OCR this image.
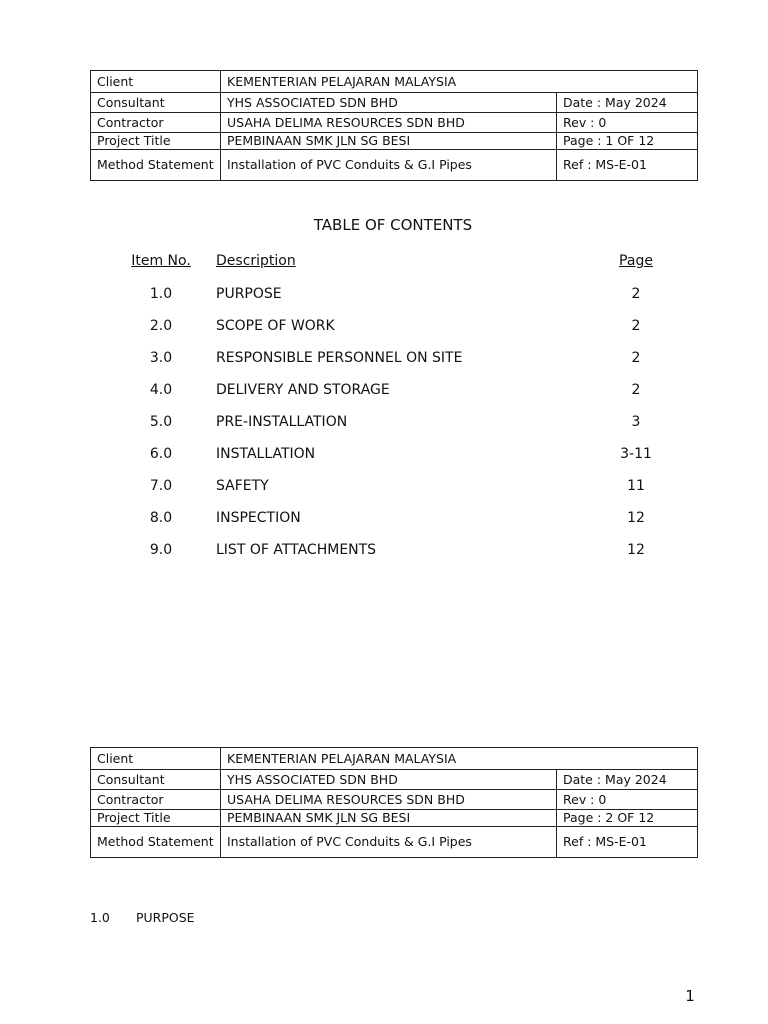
Client	KEMENTERIAN PELAJARAN MALAYSIA	
Consultant	YHS ASSOCIATED SDN BHD	Date : May 2024
Contractor	USAHA DELIMA RESOURCES SDN BHD	Rev : 0
Project Title	PEMBINAAN SMK JLN SG BESI	Page : 1 OF 12
Method Statement	Installation of PVC Conduits & G.I Pipes	Ref : MS-E-01
TABLE OF CONTENTS
Item No.	Description	Page
1.0	PURPOSE	2
2.0	SCOPE OF WORK	2
3.0	RESPONSIBLE PERSONNEL ON SITE	2
4.0	DELIVERY AND STORAGE	2
5.0	PRE-INSTALLATION	3
6.0	INSTALLATION	3-11
7.0	SAFETY	11
8.0	INSPECTION	12
9.0	LIST OF ATTACHMENTS	12
Client	KEMENTERIAN PELAJARAN MALAYSIA	
Consultant	YHS ASSOCIATED SDN BHD	Date : May 2024
Contractor	USAHA DELIMA RESOURCES SDN BHD	Rev : 0
Project Title	PEMBINAAN SMK JLN SG BESI	Page : 2 OF 12
Method Statement	Installation of PVC Conduits & G.I Pipes	Ref : MS-E-01
1.0 PURPOSE
1
